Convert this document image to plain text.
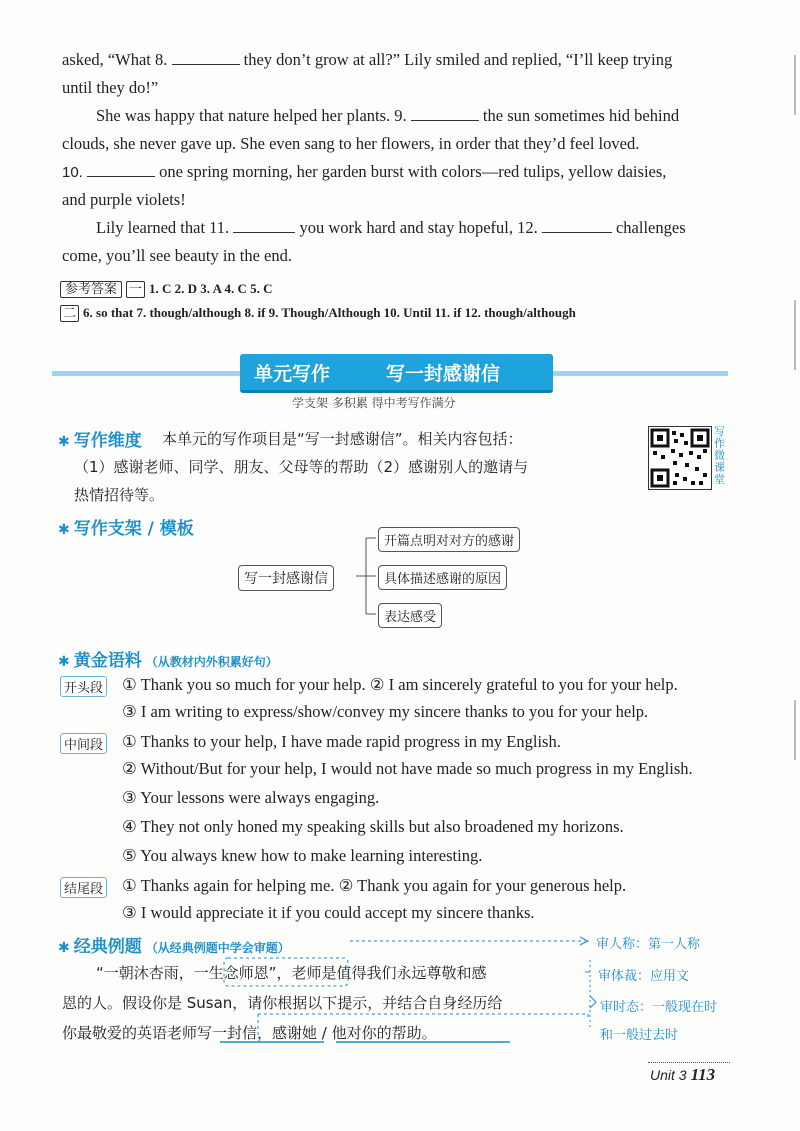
asked, “What 8.	they don’t grow at all?” Lily smiled and replied, “I’ll keep trying
until they do!”
She was happy that nature helped her plants. 9.	the sun sometimes hid behind
clouds, she never gave up. She even sang to her flowers, in order that they’d feel loved.
10.	one spring morning, her garden burst with colors—red tulips, yellow daisies,
and purple violets!
Lily learned that 11.	you work hard and stay hopeful, 12.	challenges
come, you’ll see beauty in the end.
参考答案 一 1. C 2. D 3. A 4. C 5. C
二 6. so that 7. though/although 8. if 9. Though/Although 10. Until 11. if 12. though/although
单元写作	写一封感谢信
学支架 多积累 得中考写作满分
✱ 写作维度 本单元的写作项目是“写一封感谢信”。相关内容包括：
（1）感谢老师、同学、朋友、父母等的帮助（2）感谢别人的邀请与
热情招待等。
写作微课堂
✱ 写作支架 / 模板
写一封感谢信
开篇点明对对方的感谢
具体描述感谢的原因
表达感受
✱ 黄金语料 （从教材内外积累好句）
开头段 ① Thank you so much for your help. ② I am sincerely grateful to you for your help.
③ I am writing to express/show/convey my sincere thanks to you for your help.
中间段 ① Thanks to your help, I have made rapid progress in my English.
② Without/But for your help, I would not have made so much progress in my English.
③ Your lessons were always engaging.
④ They not only honed my speaking skills but also broadened my horizons.
⑤ You always knew how to make learning interesting.
结尾段 ① Thanks again for helping me. ② Thank you again for your generous help.
③ I would appreciate it if you could accept my sincere thanks.
✱ 经典例题 （从经典例题中学会审题）
“一朝沐杏雨，一生念师恩”，老师是值得我们永远尊敬和感
恩的人。假设你是 Susan，请你根据以下提示，并结合自身经历给
你最敬爱的英语老师写一封信，感谢她 / 他对你的帮助。
审人称：第一人称
审体裁：应用文
审时态：一般现在时
和一般过去时
Unit 3 113
